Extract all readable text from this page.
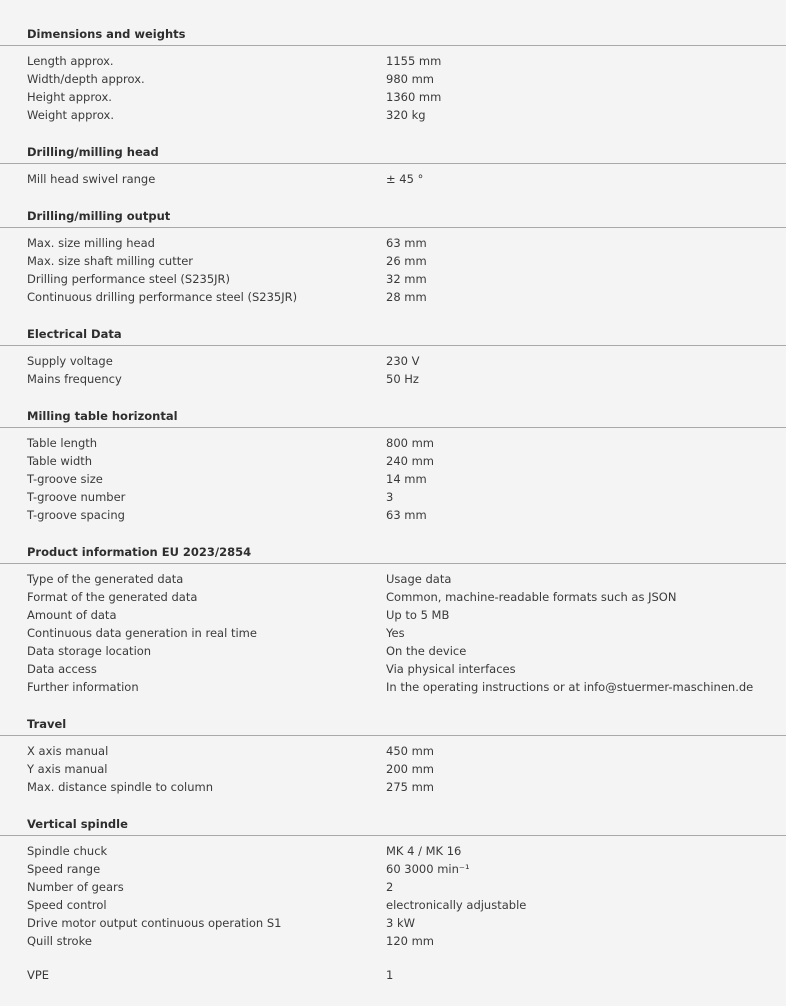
Dimensions and weights
Length approx.	1155 mm
Width/depth approx.	980 mm
Height approx.	1360 mm
Weight approx.	320 kg
Drilling/milling head
Mill head swivel range	± 45 °
Drilling/milling output
Max. size milling head	63 mm
Max. size shaft milling cutter	26 mm
Drilling performance steel (S235JR)	32 mm
Continuous drilling performance steel (S235JR)	28 mm
Electrical Data
Supply voltage	230 V
Mains frequency	50 Hz
Milling table horizontal
Table length	800 mm
Table width	240 mm
T-groove size	14 mm
T-groove number	3
T-groove spacing	63 mm
Product information EU 2023/2854
Type of the generated data	Usage data
Format of the generated data	Common, machine-readable formats such as JSON
Amount of data	Up to 5 MB
Continuous data generation in real time	Yes
Data storage location	On the device
Data access	Via physical interfaces
Further information	In the operating instructions or at info@stuermer-maschinen.de
Travel
X axis manual	450 mm
Y axis manual	200 mm
Max. distance spindle to column	275 mm
Vertical spindle
Spindle chuck	MK 4 / MK 16
Speed range	60 3000 min⁻¹
Number of gears	2
Speed control	electronically adjustable
Drive motor output continuous operation S1	3 kW
Quill stroke	120 mm
VPE	1
